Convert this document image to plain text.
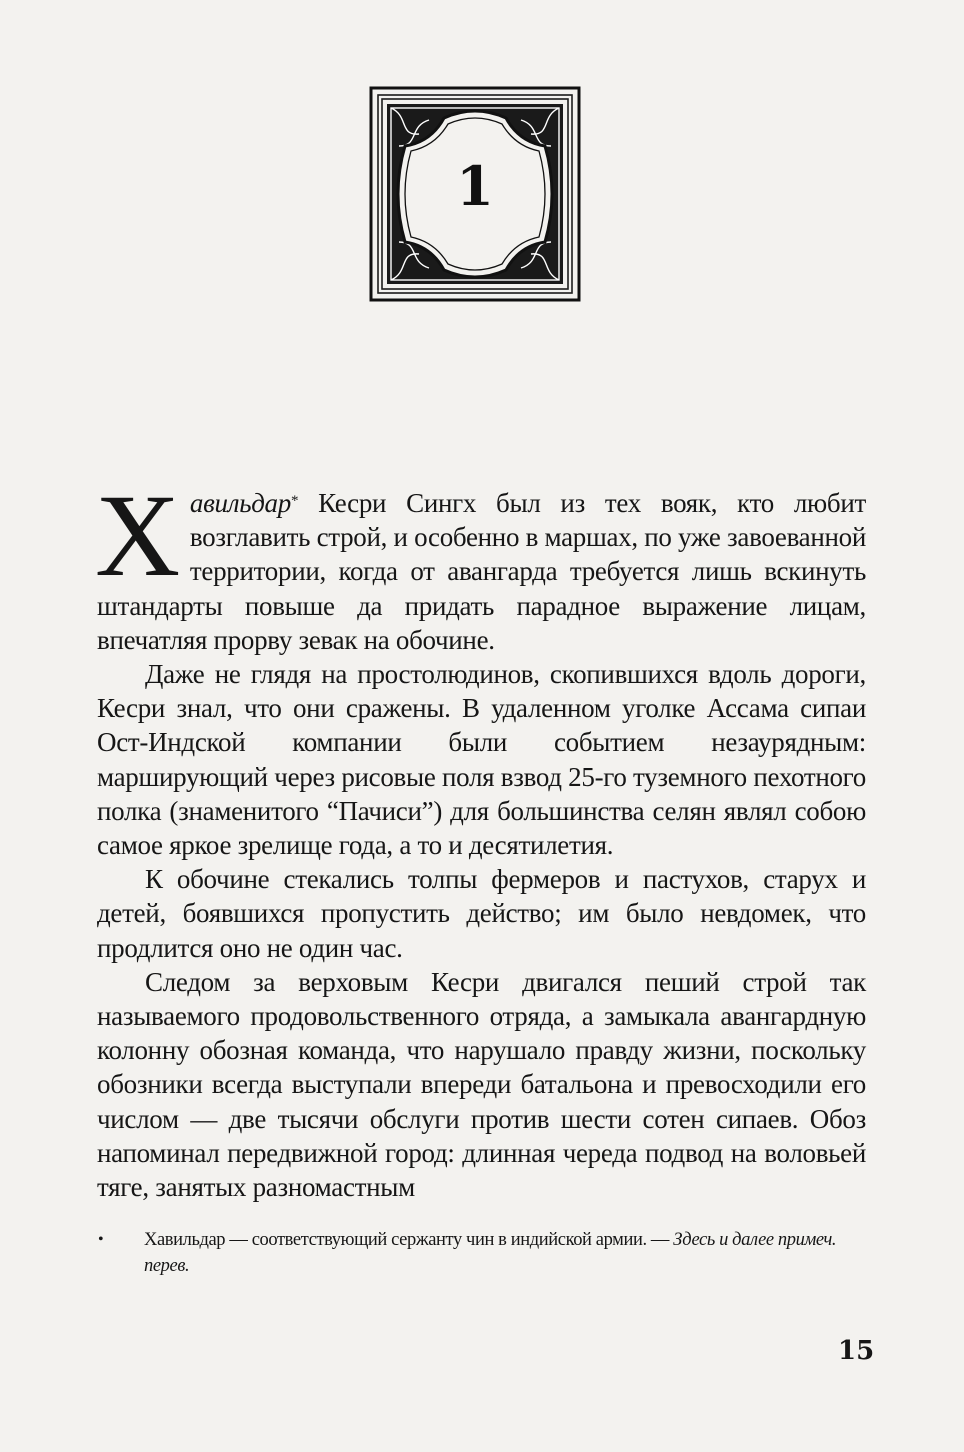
1

Хавильдар* Кесри Сингх был из тех вояк, кто любит возглавить строй, и особенно в маршах, по уже завоеванной территории, когда от авангарда требуется лишь вскинуть штандарты повыше да придать парадное выражение лицам, впечатляя прорву зевак на обочине.

Даже не глядя на простолюдинов, скопившихся вдоль дороги, Кесри знал, что они сражены. В удаленном уголке Ассама сипаи Ост-Индской компании были событием незаурядным: марширующий через рисовые поля взвод 25-го туземного пехотного полка (знаменитого “Пачиси”) для большинства селян являл собою самое яркое зрелище года, а то и десятилетия.

К обочине стекались толпы фермеров и пастухов, старух и детей, боявшихся пропустить действо; им было невдомек, что продлится оно не один час.

Следом за верховым Кесри двигался пеший строй так называемого продовольственного отряда, а замыкала авангардную колонну обозная команда, что нарушало правду жизни, поскольку обозники всегда выступали впереди батальона и превосходили его числом — две тысячи обслуги против шести сотен сипаев. Обоз напоминал передвижной город: длинная череда подвод на воловьей тяге, занятых разномастным

• Хавильдар — соответствующий сержанту чин в индийской армии. — Здесь и далее примеч. перев.
15
